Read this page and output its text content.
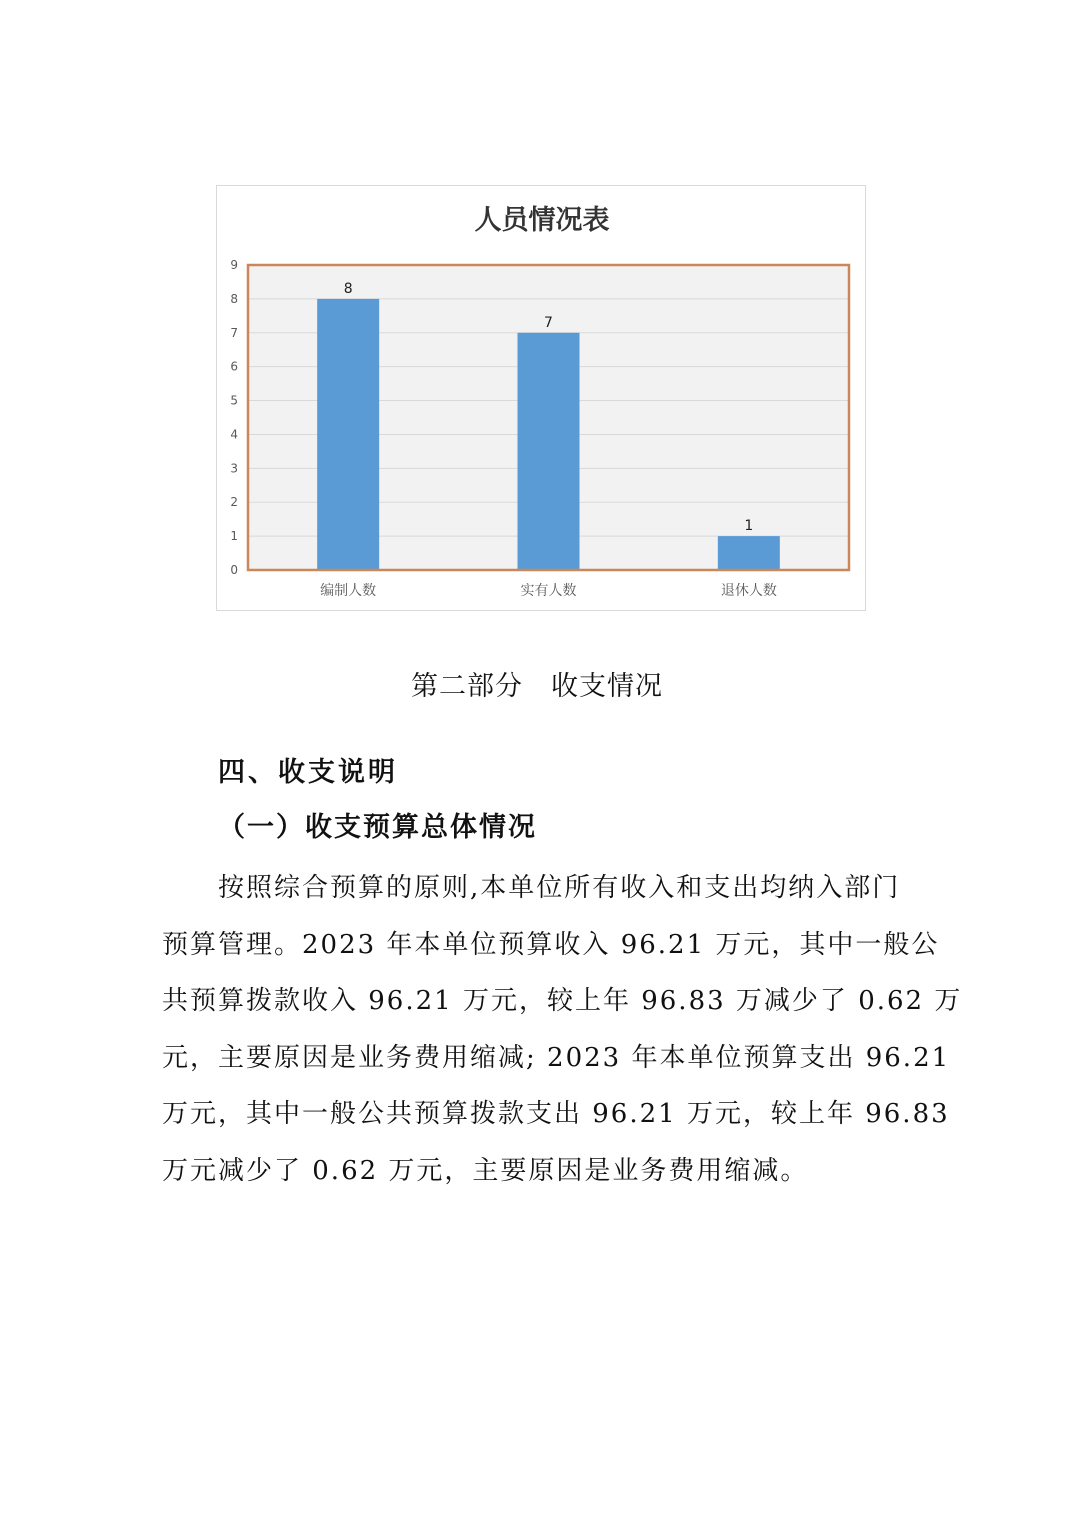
人员情况表
0
1
2
3
4
5
6
7
8
9
8
编制人数
7
实有人数
1
退休人数
第二部分　收支情况
四、收支说明
（一）收支预算总体情况
按照综合预算的原则,本单位所有收入和支出均纳入部门
预算管理。2023 年本单位预算收入 96.21 万元，其中一般公
共预算拨款收入 96.21 万元，较上年 96.83 万减少了 0.62 万
元，主要原因是业务费用缩减; 2023 年本单位预算支出 96.21
万元，其中一般公共预算拨款支出 96.21 万元，较上年 96.83
万元减少了 0.62 万元，主要原因是业务费用缩减。
